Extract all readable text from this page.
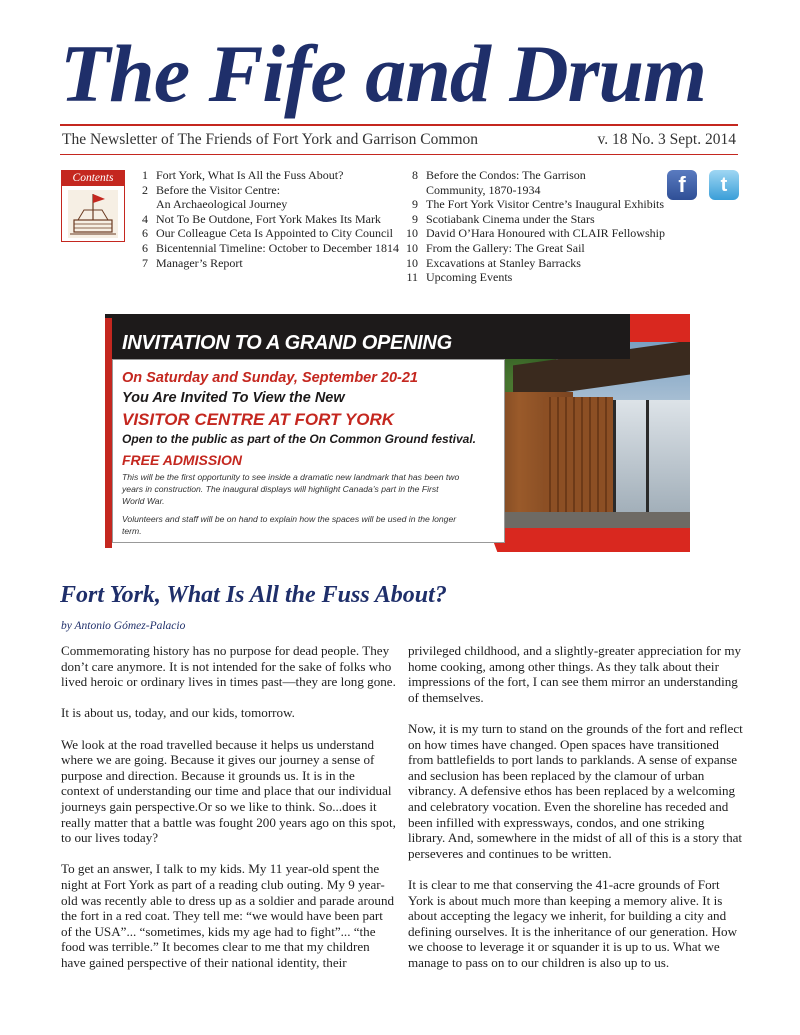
The Fife and Drum
The Newsletter of The Friends of Fort York and Garrison Common	v. 18 No. 3 Sept. 2014
Contents	1 Fort York, What Is All the Fuss About?
2 Before the Visitor Centre:
An Archaeological Journey
4 Not To Be Outdone, Fort York Makes Its Mark
6 Our Colleague Ceta Is Appointed to City Council
6 Bicentennial Timeline: October to December 1814
7 Manager’s Report
8 Before the Condos: The Garrison
Community, 1870-1934
9 The Fort York Visitor Centre’s Inaugural Exhibits
9 Scotiabank Cinema under the Stars
10 David O’Hara Honoured with CLAIR Fellowship
10 From the Gallery: The Great Sail
10 Excavations at Stanley Barracks
11 Upcoming Events
f t
INVITATION TO A GRAND OPENING
On Saturday and Sunday, September 20-21
You Are Invited To View the New
VISITOR CENTRE AT FORT YORK
Open to the public as part of the On Common Ground festival.
FREE ADMISSION
This will be the first opportunity to see inside a dramatic new landmark that has been two years in construction. The inaugural displays will highlight Canada’s part in the First World War.
Volunteers and staff will be on hand to explain how the spaces will be used in the longer term.
Fort York, What Is All the Fuss About?
by Antonio Gómez-Palacio

Commemorating history has no purpose for dead people. They don’t care anymore. It is not intended for the sake of folks who lived heroic or ordinary lives in times past—they are long gone.

It is about us, today, and our kids, tomorrow.

We look at the road travelled because it helps us understand where we are going. Because it gives our journey a sense of purpose and direction. Because it grounds us. It is in the context of understanding our time and place that our individual journeys gain perspective.Or so we like to think. So...does it really matter that a battle was fought 200 years ago on this spot, to our lives today?

To get an answer, I talk to my kids. My 11 year-old spent the night at Fort York as part of a reading club outing. My 9 year-old was recently able to dress up as a soldier and parade around the fort in a red coat. They tell me: “we would have been part of the USA”... “sometimes, kids my age had to fight”... “the food was terrible.” It becomes clear to me that my children have gained perspective of their national identity, their

privileged childhood, and a slightly-greater appreciation for my home cooking, among other things. As they talk about their impressions of the fort, I can see them mirror an understanding of themselves.

Now, it is my turn to stand on the grounds of the fort and reflect on how times have changed. Open spaces have transitioned from battlefields to port lands to parklands. A sense of expanse and seclusion has been replaced by the clamour of urban vibrancy. A defensive ethos has been replaced by a welcoming and celebratory vocation. Even the shoreline has receded and been infilled with expressways, condos, and one striking library. And, somewhere in the midst of all of this is a story that perseveres and continues to be written.

It is clear to me that conserving the 41-acre grounds of Fort York is about much more than keeping a memory alive. It is about accepting the legacy we inherit, for building a city and defining ourselves. It is the inheritance of our generation. How we choose to leverage it or squander it is up to us. What we manage to pass on to our children is also up to us.
